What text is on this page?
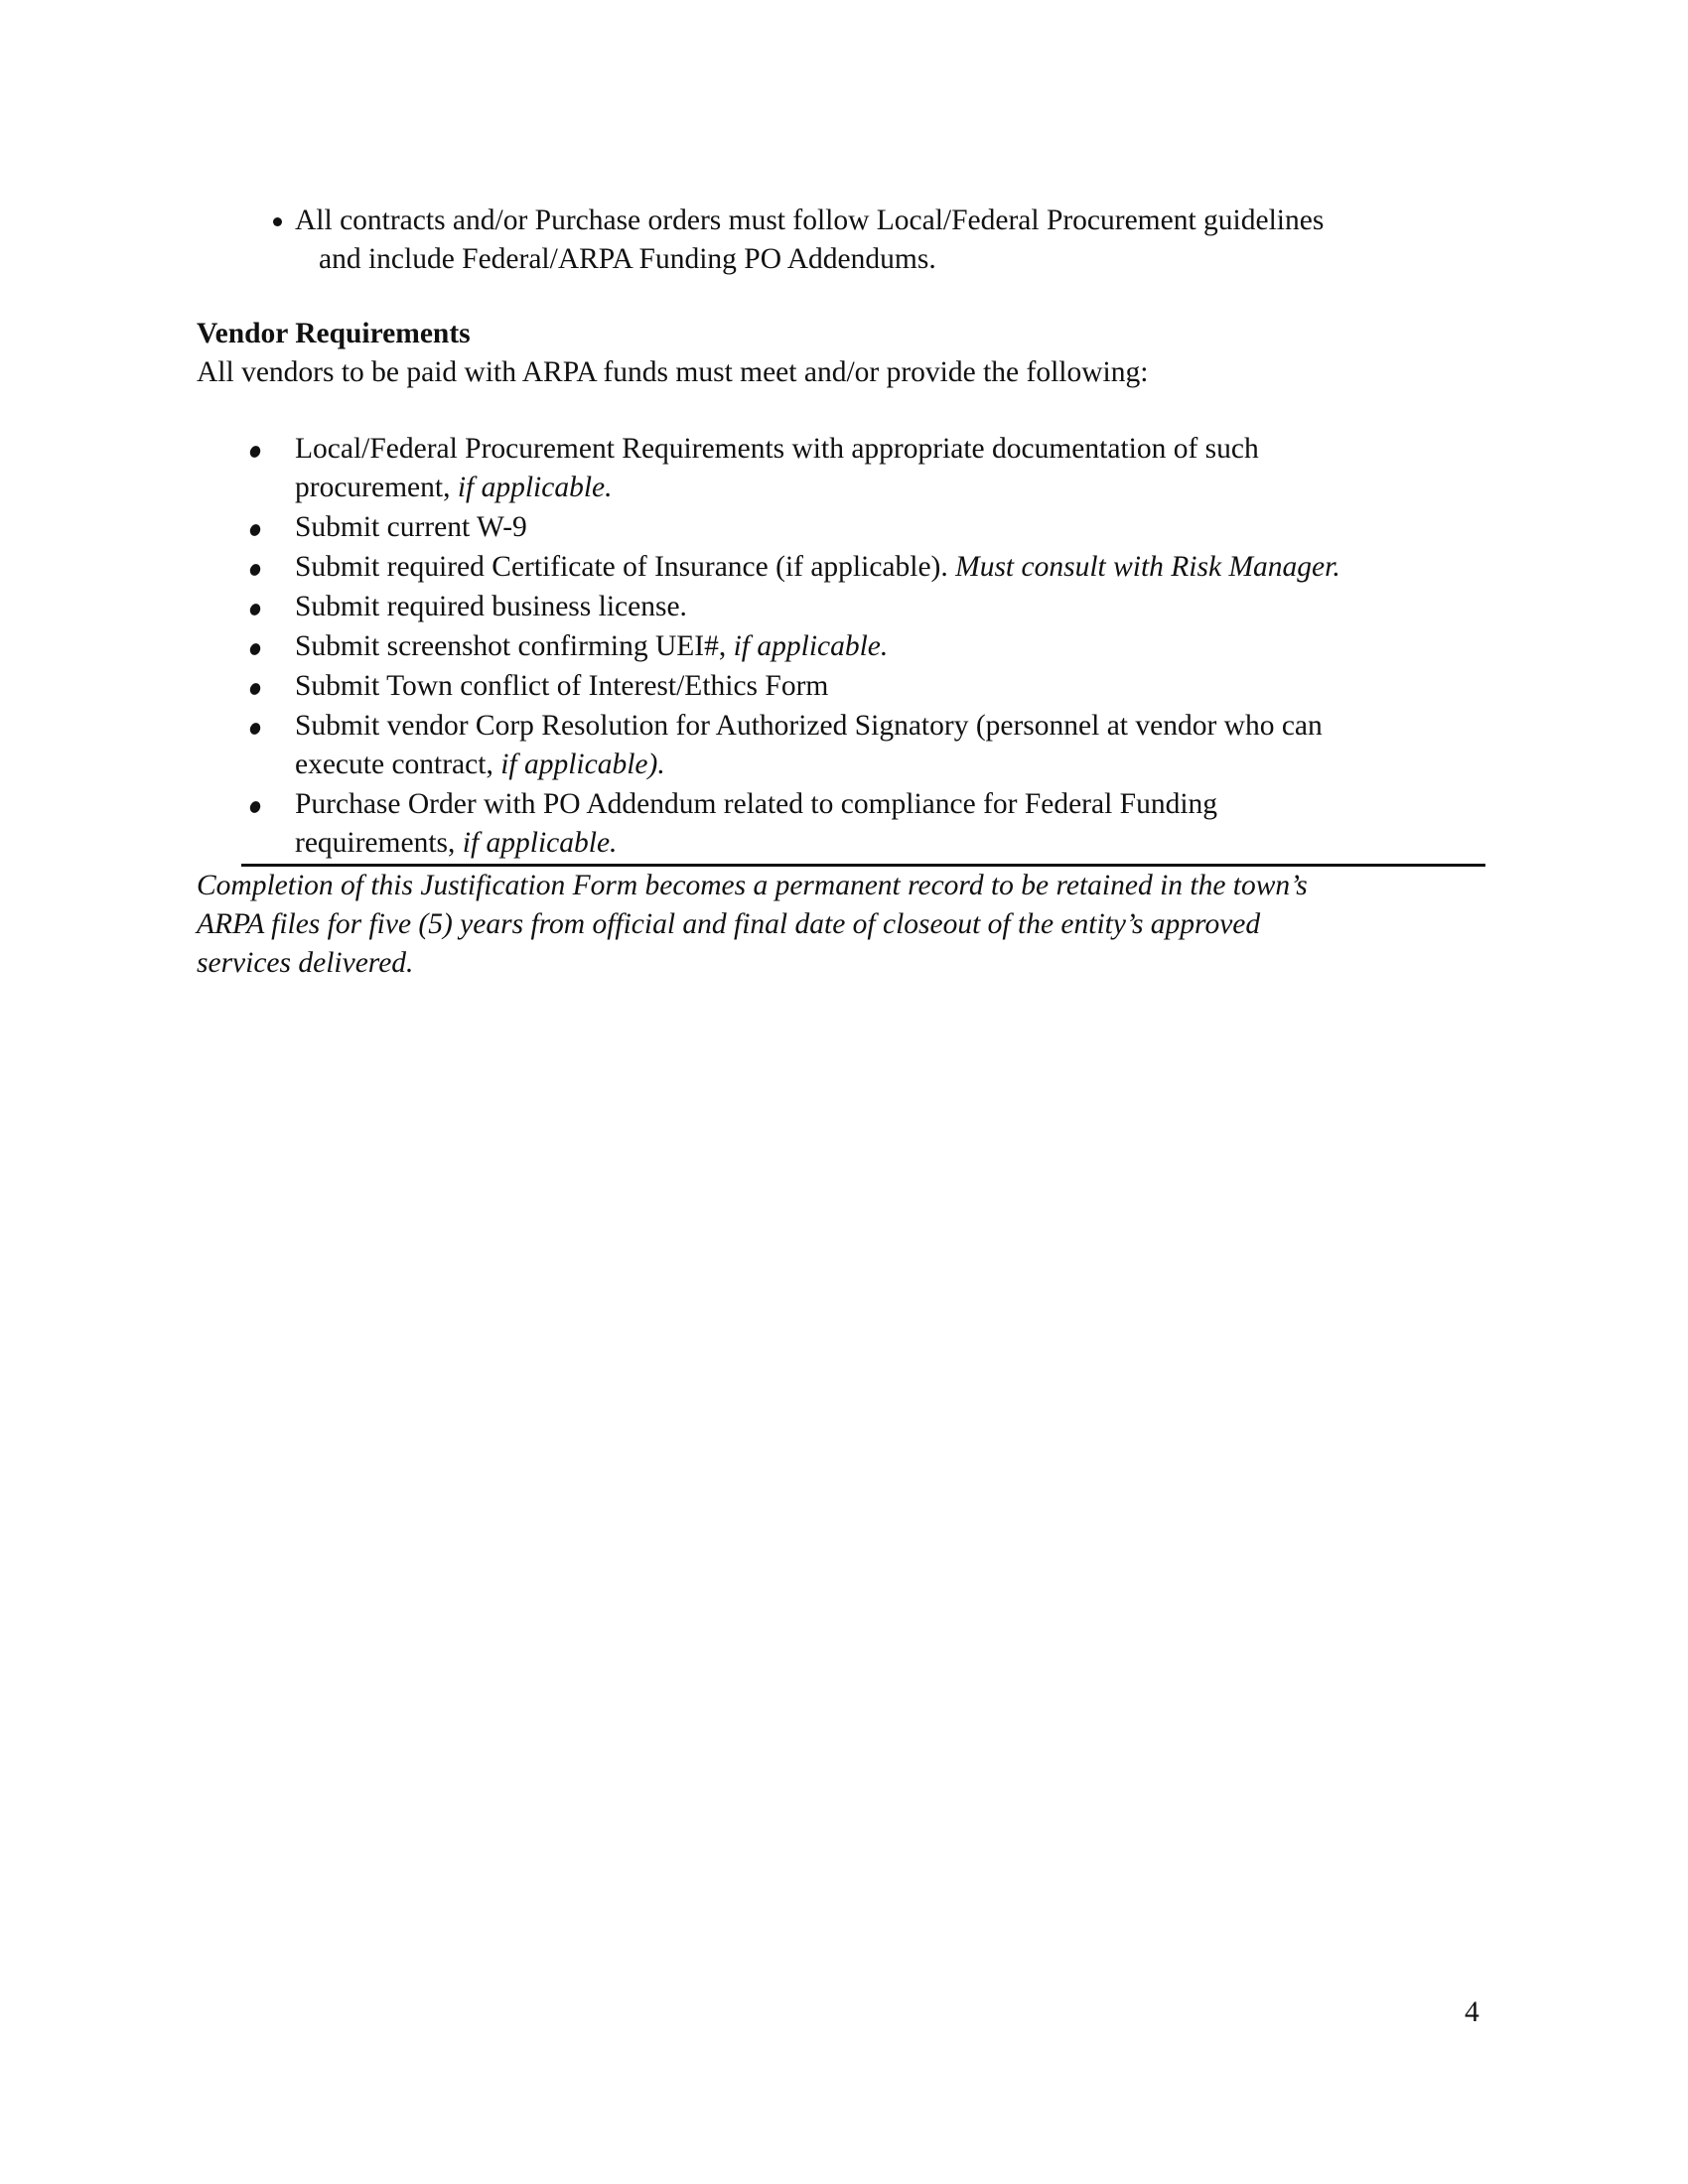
All contracts and/or Purchase orders must follow Local/Federal Procurement guidelines
and include Federal/ARPA Funding PO Addendums.
Vendor Requirements
All vendors to be paid with ARPA funds must meet and/or provide the following:
Local/Federal Procurement Requirements with appropriate documentation of such
procurement, if applicable.
Submit current W-9
Submit required Certificate of Insurance (if applicable). Must consult with Risk Manager.
Submit required business license.
Submit screenshot confirming UEI#, if applicable.
Submit Town conflict of Interest/Ethics Form
Submit vendor Corp Resolution for Authorized Signatory (personnel at vendor who can
execute contract, if applicable).
Purchase Order with PO Addendum related to compliance for Federal Funding
requirements, if applicable.
Completion of this Justification Form becomes a permanent record to be retained in the town’s
ARPA files for five (5) years from official and final date of closeout of the entity’s approved
services delivered.
4
